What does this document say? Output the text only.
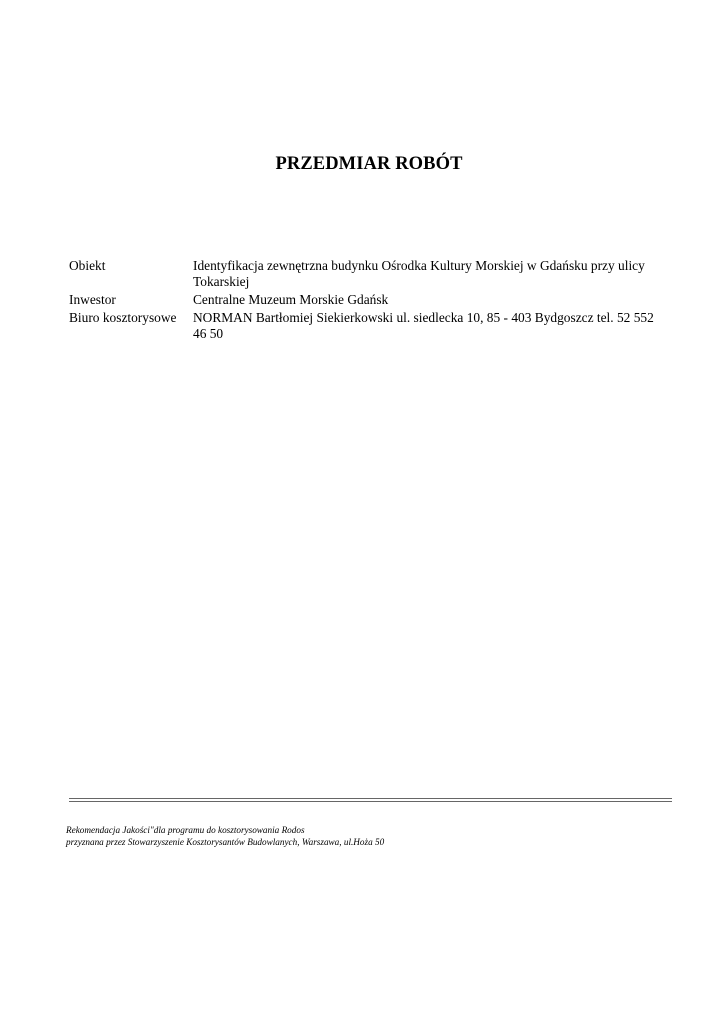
PRZEDMIAR ROBÓT
Obiekt	Identyfikacja zewnętrzna budynku Ośrodka Kultury Morskiej w Gdańsku przy ulicy Tokarskiej
Inwestor	Centralne Muzeum Morskie Gdańsk
Biuro kosztorysowe	NORMAN Bartłomiej Siekierkowski ul. siedlecka 10, 85 - 403 Bydgoszcz tel. 52 552 46 50
Rekomendacja Jakości"dla programu do kosztorysowania Rodos
przyznana przez Stowarzyszenie Kosztorysantów Budowlanych, Warszawa, ul.Hoża 50
